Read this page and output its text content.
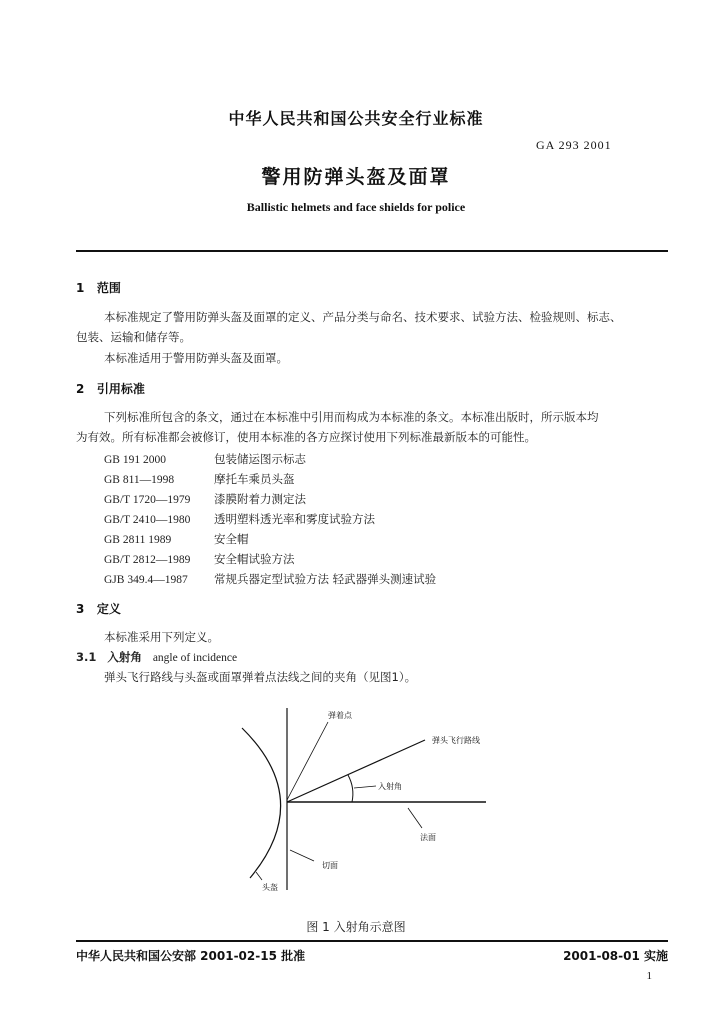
中华人民共和国公共安全行业标准
GA 293 2001
警用防弹头盔及面罩
Ballistic helmets and face shields for police
1 范围
本标准规定了警用防弹头盔及面罩的定义、产品分类与命名、技术要求、试验方法、检验规则、标志、
包装、运输和储存等。
本标准适用于警用防弹头盔及面罩。
2 引用标准
下列标准所包含的条文，通过在本标准中引用而构成为本标准的条文。本标准出版时，所示版本均
为有效。所有标准都会被修订，使用本标准的各方应探讨使用下列标准最新版本的可能性。
GB 191 2000	包装储运图示标志
GB 811—1998	摩托车乘员头盔
GB/T 1720—1979 漆膜附着力测定法
GB/T 2410—1980 透明塑料透光率和雾度试验方法
GB 2811 1989	安全帽
GB/T 2812—1989 安全帽试验方法
GJB 349.4—1987 常规兵器定型试验方法 轻武器弹头测速试验
3 定义
本标准采用下列定义。
3.1 入射角 angle of incidence
弹头飞行路线与头盔或面罩弹着点法线之间的夹角（见图1）。
弹着点
弹头飞行路线
入射角
法面
切面
头盔
图 1 入射角示意图
中华人民共和国公安部 2001-02-15 批准	2001-08-01 实施
1
